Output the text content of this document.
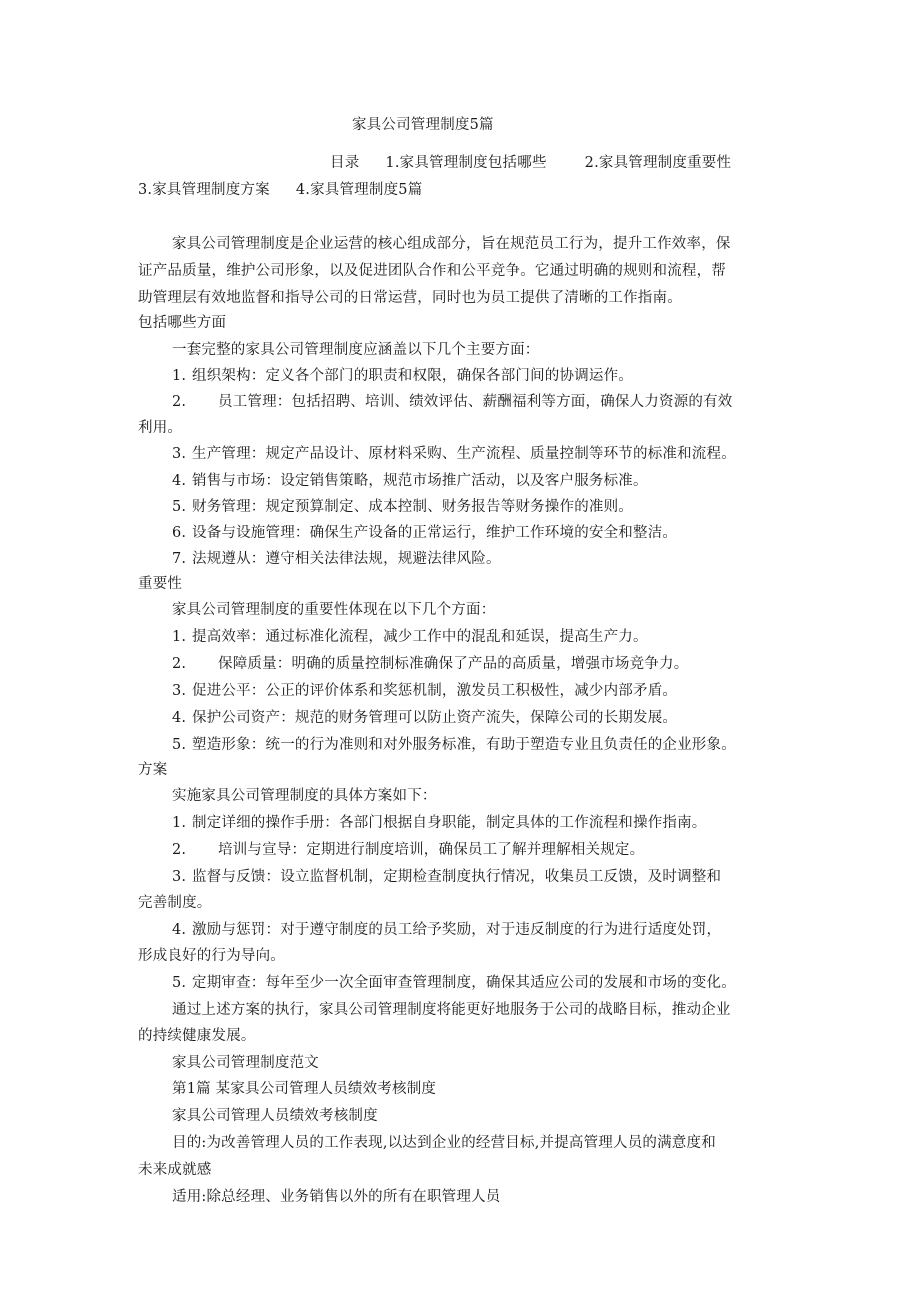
家具公司管理制度5篇
目录 1.家具管理制度包括哪些	2.家具管理制度重要性
3.家具管理制度方案 4.家具管理制度5篇
家具公司管理制度是企业运营的核心组成部分，旨在规范员工行为，提升工作效率，保
证产品质量，维护公司形象，以及促进团队合作和公平竞争。它通过明确的规则和流程，帮
助管理层有效地监督和指导公司的日常运营，同时也为员工提供了清晰的工作指南。
包括哪些方面
一套完整的家具公司管理制度应涵盖以下几个主要方面：
1. 组织架构：定义各个部门的职责和权限，确保各部门间的协调运作。
2. 员工管理：包括招聘、培训、绩效评估、薪酬福利等方面，确保人力资源的有效
利用。
3. 生产管理：规定产品设计、原材料采购、生产流程、质量控制等环节的标准和流程。
4. 销售与市场：设定销售策略，规范市场推广活动，以及客户服务标准。
5. 财务管理：规定预算制定、成本控制、财务报告等财务操作的准则。
6. 设备与设施管理：确保生产设备的正常运行，维护工作环境的安全和整洁。
7. 法规遵从：遵守相关法律法规，规避法律风险。
重要性
家具公司管理制度的重要性体现在以下几个方面：
1. 提高效率：通过标准化流程，减少工作中的混乱和延误，提高生产力。
2. 保障质量：明确的质量控制标准确保了产品的高质量，增强市场竞争力。
3. 促进公平：公正的评价体系和奖惩机制，激发员工积极性，减少内部矛盾。
4. 保护公司资产：规范的财务管理可以防止资产流失，保障公司的长期发展。
5. 塑造形象：统一的行为准则和对外服务标准，有助于塑造专业且负责任的企业形象。
方案
实施家具公司管理制度的具体方案如下：
1. 制定详细的操作手册：各部门根据自身职能，制定具体的工作流程和操作指南。
2. 培训与宣导：定期进行制度培训，确保员工了解并理解相关规定。
3. 监督与反馈：设立监督机制，定期检查制度执行情况，收集员工反馈，及时调整和
完善制度。
4. 激励与惩罚：对于遵守制度的员工给予奖励，对于违反制度的行为进行适度处罚，
形成良好的行为导向。
5. 定期审查：每年至少一次全面审查管理制度，确保其适应公司的发展和市场的变化。
通过上述方案的执行，家具公司管理制度将能更好地服务于公司的战略目标，推动企业
的持续健康发展。
家具公司管理制度范文
第1篇 某家具公司管理人员绩效考核制度
家具公司管理人员绩效考核制度
目的:为改善管理人员的工作表现,以达到企业的经营目标,并提高管理人员的满意度和
未来成就感
适用:除总经理、业务销售以外的所有在职管理人员
